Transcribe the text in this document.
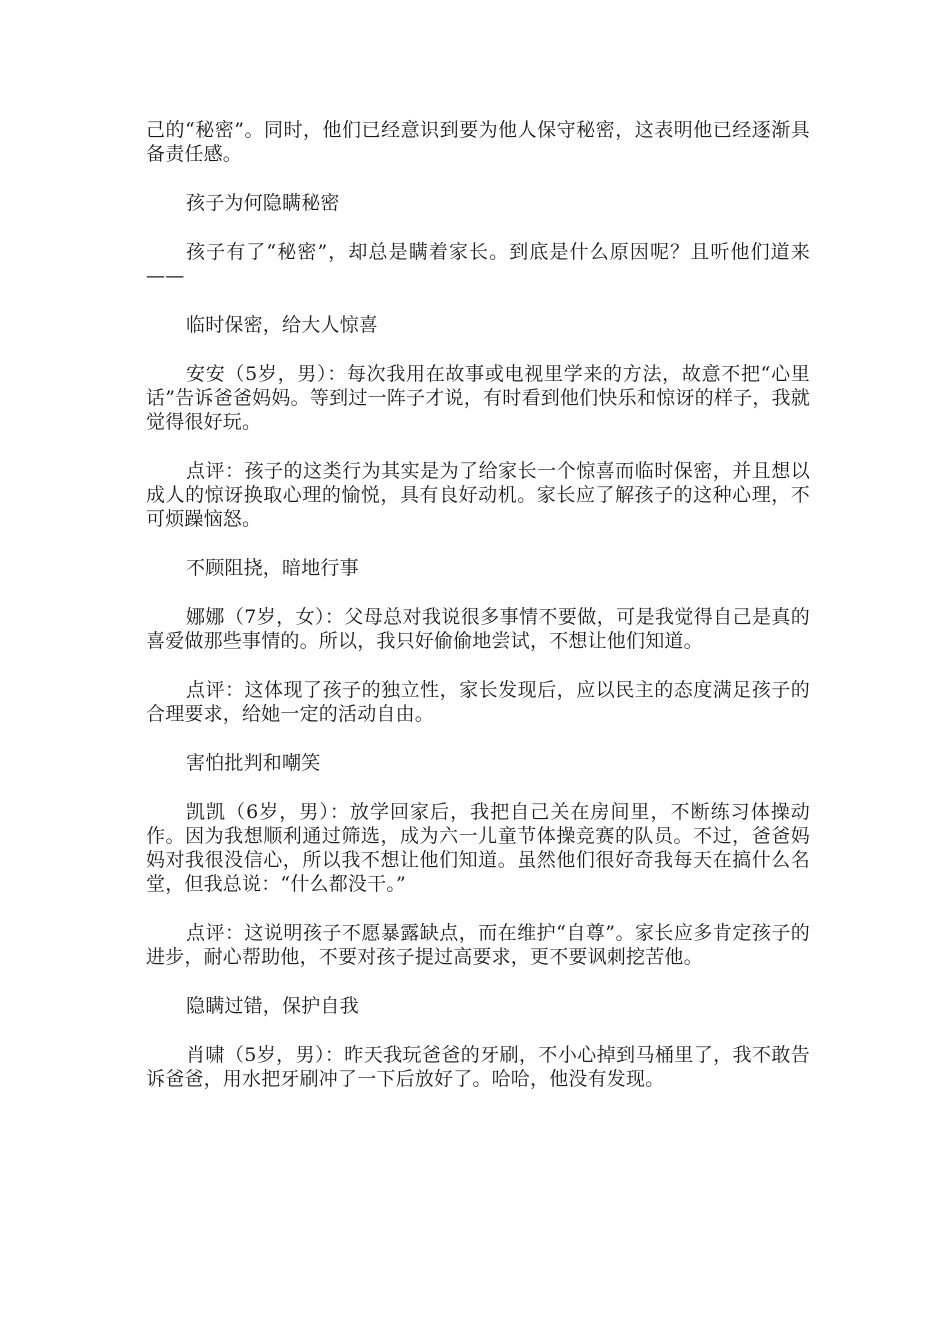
己的“秘密”。同时，他们已经意识到要为他人保守秘密，这表明他已经逐渐具备责任感。

孩子为何隐瞒秘密

孩子有了“秘密”，却总是瞒着家长。到底是什么原因呢？且听他们道来——

临时保密，给大人惊喜

安安（5岁，男）：每次我用在故事或电视里学来的方法，故意不把“心里话”告诉爸爸妈妈。等到过一阵子才说，有时看到他们快乐和惊讶的样子，我就觉得很好玩。

点评：孩子的这类行为其实是为了给家长一个惊喜而临时保密，并且想以成人的惊讶换取心理的愉悦，具有良好动机。家长应了解孩子的这种心理，不可烦躁恼怒。

不顾阻挠，暗地行事

娜娜（7岁，女）：父母总对我说很多事情不要做，可是我觉得自己是真的喜爱做那些事情的。所以，我只好偷偷地尝试，不想让他们知道。

点评：这体现了孩子的独立性，家长发现后，应以民主的态度满足孩子的合理要求，给她一定的活动自由。

害怕批判和嘲笑

凯凯（6岁，男）：放学回家后，我把自己关在房间里，不断练习体操动作。因为我想顺利通过筛选，成为六一儿童节体操竞赛的队员。不过，爸爸妈妈对我很没信心，所以我不想让他们知道。虽然他们很好奇我每天在搞什么名堂，但我总说：“什么都没干。”

点评：这说明孩子不愿暴露缺点，而在维护“自尊”。家长应多肯定孩子的进步，耐心帮助他，不要对孩子提过高要求，更不要讽刺挖苦他。

隐瞒过错，保护自我

肖啸（5岁，男）：昨天我玩爸爸的牙刷，不小心掉到马桶里了，我不敢告诉爸爸，用水把牙刷冲了一下后放好了。哈哈，他没有发现。
